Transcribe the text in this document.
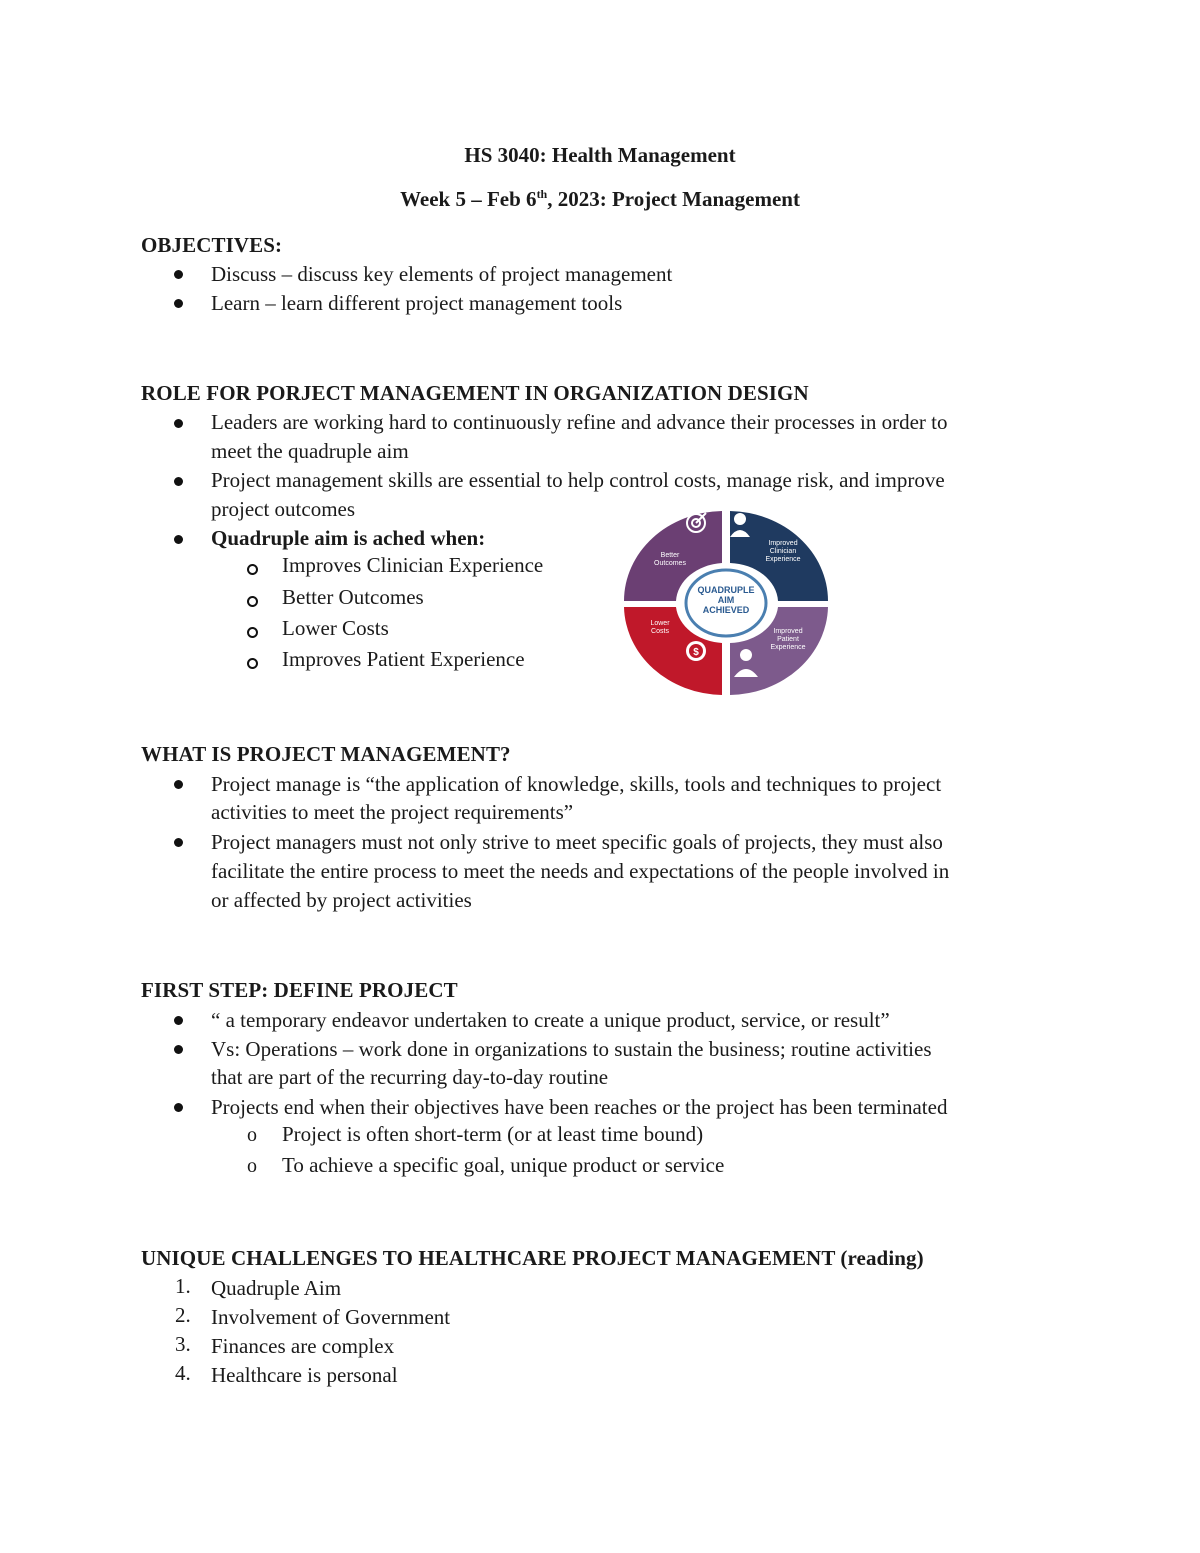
HS 3040: Health Management
Week 5 – Feb 6th, 2023: Project Management
OBJECTIVES:
Discuss – discuss key elements of project management
Learn – learn different project management tools
ROLE FOR PORJECT MANAGEMENT IN ORGANIZATION DESIGN
Leaders are working hard to continuously refine and advance their processes in order to
meet the quadruple aim
Project management skills are essential to help control costs, manage risk, and improve
project outcomes
Quadruple aim is ached when:
Improves Clinician Experience
Better Outcomes
Lower Costs
Improves Patient Experience
QUADRUPLE
AIM
ACHIEVED
Better
Outcomes
Improved
Clinician
Experience
Lower
Costs	Improved
Patient
Experience
$
WHAT IS PROJECT MANAGEMENT?
Project manage is “the application of knowledge, skills, tools and techniques to project
activities to meet the project requirements”
Project managers must not only strive to meet specific goals of projects, they must also
facilitate the entire process to meet the needs and expectations of the people involved in
or affected by project activities
FIRST STEP: DEFINE PROJECT
“ a temporary endeavor undertaken to create a unique product, service, or result”
Vs: Operations – work done in organizations to sustain the business; routine activities
that are part of the recurring day-to-day routine
Projects end when their objectives have been reaches or the project has been terminated
o Project is often short-term (or at least time bound)
o To achieve a specific goal, unique product or service
UNIQUE CHALLENGES TO HEALTHCARE PROJECT MANAGEMENT (reading)
1. Quadruple Aim
2. Involvement of Government
3. Finances are complex
4. Healthcare is personal
